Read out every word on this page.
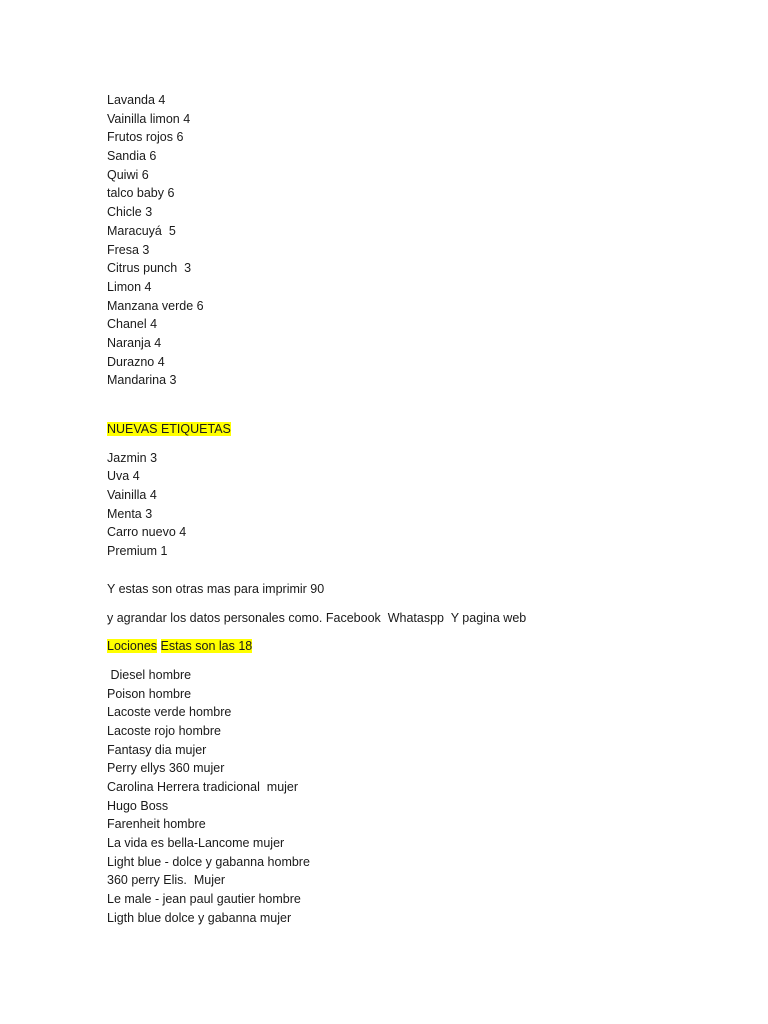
Lavanda 4
Vainilla limon 4
Frutos rojos 6
Sandia 6
Quiwi 6
talco baby 6
Chicle 3
Maracuyá  5
Fresa 3
Citrus punch  3
Limon 4
Manzana verde 6
Chanel 4
Naranja 4
Durazno 4
Mandarina 3
NUEVAS ETIQUETAS
Jazmin 3
Uva 4
Vainilla 4
Menta 3
Carro nuevo 4
Premium 1
Y estas son otras mas para imprimir 90
y agrandar los datos personales como. Facebook  Whataspp  Y pagina web
Lociones Estas son las 18
Diesel hombre
Poison hombre
Lacoste verde hombre
Lacoste rojo hombre
Fantasy dia mujer
Perry ellys 360 mujer
Carolina Herrera tradicional  mujer
Hugo Boss
Farenheit hombre
La vida es bella-Lancome mujer
Light blue - dolce y gabanna hombre
360 perry Elis.  Mujer
Le male - jean paul gautier hombre
Ligth blue dolce y gabanna mujer
